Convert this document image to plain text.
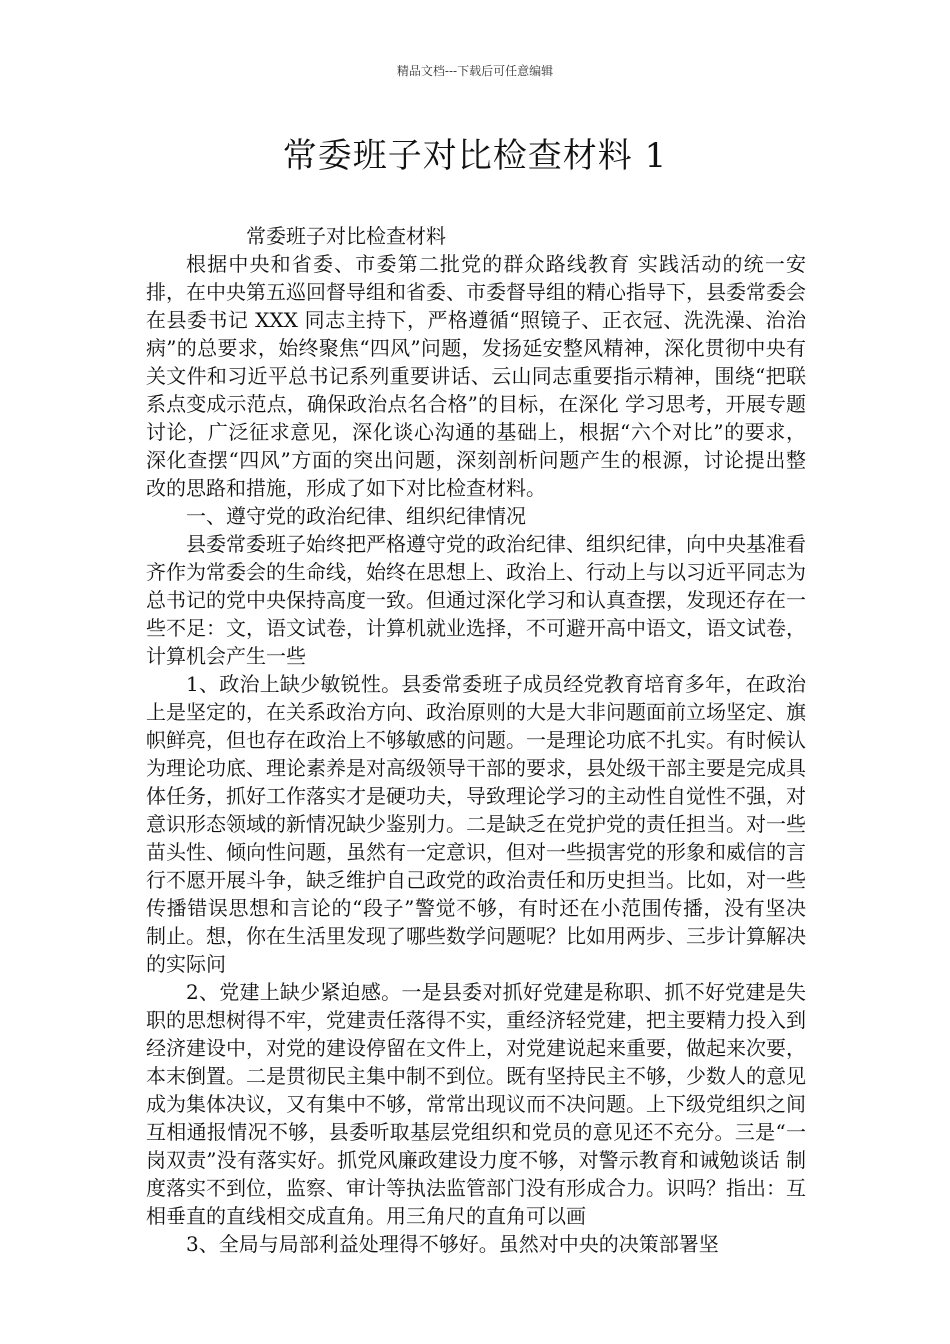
精品文档---下载后可任意编辑
常委班子对比检查材料 1

常委班子对比检查材料

根据中央和省委、市委第二批党的群众路线教育 实践活动的统一安排，在中央第五巡回督导组和省委、市委督导组的精心指导下，县委常委会在县委书记 XXX 同志主持下，严格遵循“照镜子、正衣冠、洗洗澡、治治病”的总要求，始终聚焦“四风”问题，发扬延安整风精神，深化贯彻中央有关文件和习近平总书记系列重要讲话、云山同志重要指示精神，围绕“把联系点变成示范点，确保政治点名合格”的目标，在深化 学习思考，开展专题讨论，广泛征求意见，深化谈心沟通的基础上，根据“六个对比”的要求，深化查摆“四风”方面的突出问题，深刻剖析问题产生的根源，讨论提出整改的思路和措施，形成了如下对比检查材料。

一、遵守党的政治纪律、组织纪律情况

县委常委班子始终把严格遵守党的政治纪律、组织纪律，向中央基准看齐作为常委会的生命线，始终在思想上、政治上、行动上与以习近平同志为总书记的党中央保持高度一致。但通过深化学习和认真查摆，发现还存在一些不足：文，语文试卷，计算机就业选择，不可避开高中语文，语文试卷，计算机会产生一些

1、政治上缺少敏锐性。县委常委班子成员经党教育培育多年，在政治上是坚定的，在关系政治方向、政治原则的大是大非问题面前立场坚定、旗帜鲜亮，但也存在政治上不够敏感的问题。一是理论功底不扎实。有时候认为理论功底、理论素养是对高级领导干部的要求，县处级干部主要是完成具体任务，抓好工作落实才是硬功夫，导致理论学习的主动性自觉性不强，对意识形态领域的新情况缺少鉴别力。二是缺乏在党护党的责任担当。对一些苗头性、倾向性问题，虽然有一定意识，但对一些损害党的形象和威信的言行不愿开展斗争，缺乏维护自己政党的政治责任和历史担当。比如，对一些传播错误思想和言论的“段子”警觉不够，有时还在小范围传播，没有坚决制止。想，你在生活里发现了哪些数学问题呢？比如用两步、三步计算解决的实际问

2、党建上缺少紧迫感。一是县委对抓好党建是称职、抓不好党建是失职的思想树得不牢，党建责任落得不实，重经济轻党建，把主要精力投入到经济建设中，对党的建设停留在文件上，对党建说起来重要，做起来次要，本末倒置。二是贯彻民主集中制不到位。既有坚持民主不够，少数人的意见成为集体决议，又有集中不够，常常出现议而不决问题。上下级党组织之间互相通报情况不够，县委听取基层党组织和党员的意见还不充分。三是“一岗双责”没有落实好。抓党风廉政建设力度不够，对警示教育和诫勉谈话 制度落实不到位，监察、审计等执法监管部门没有形成合力。识吗？指出：互相垂直的直线相交成直角。用三角尺的直角可以画

3、全局与局部利益处理得不够好。虽然对中央的决策部署坚
